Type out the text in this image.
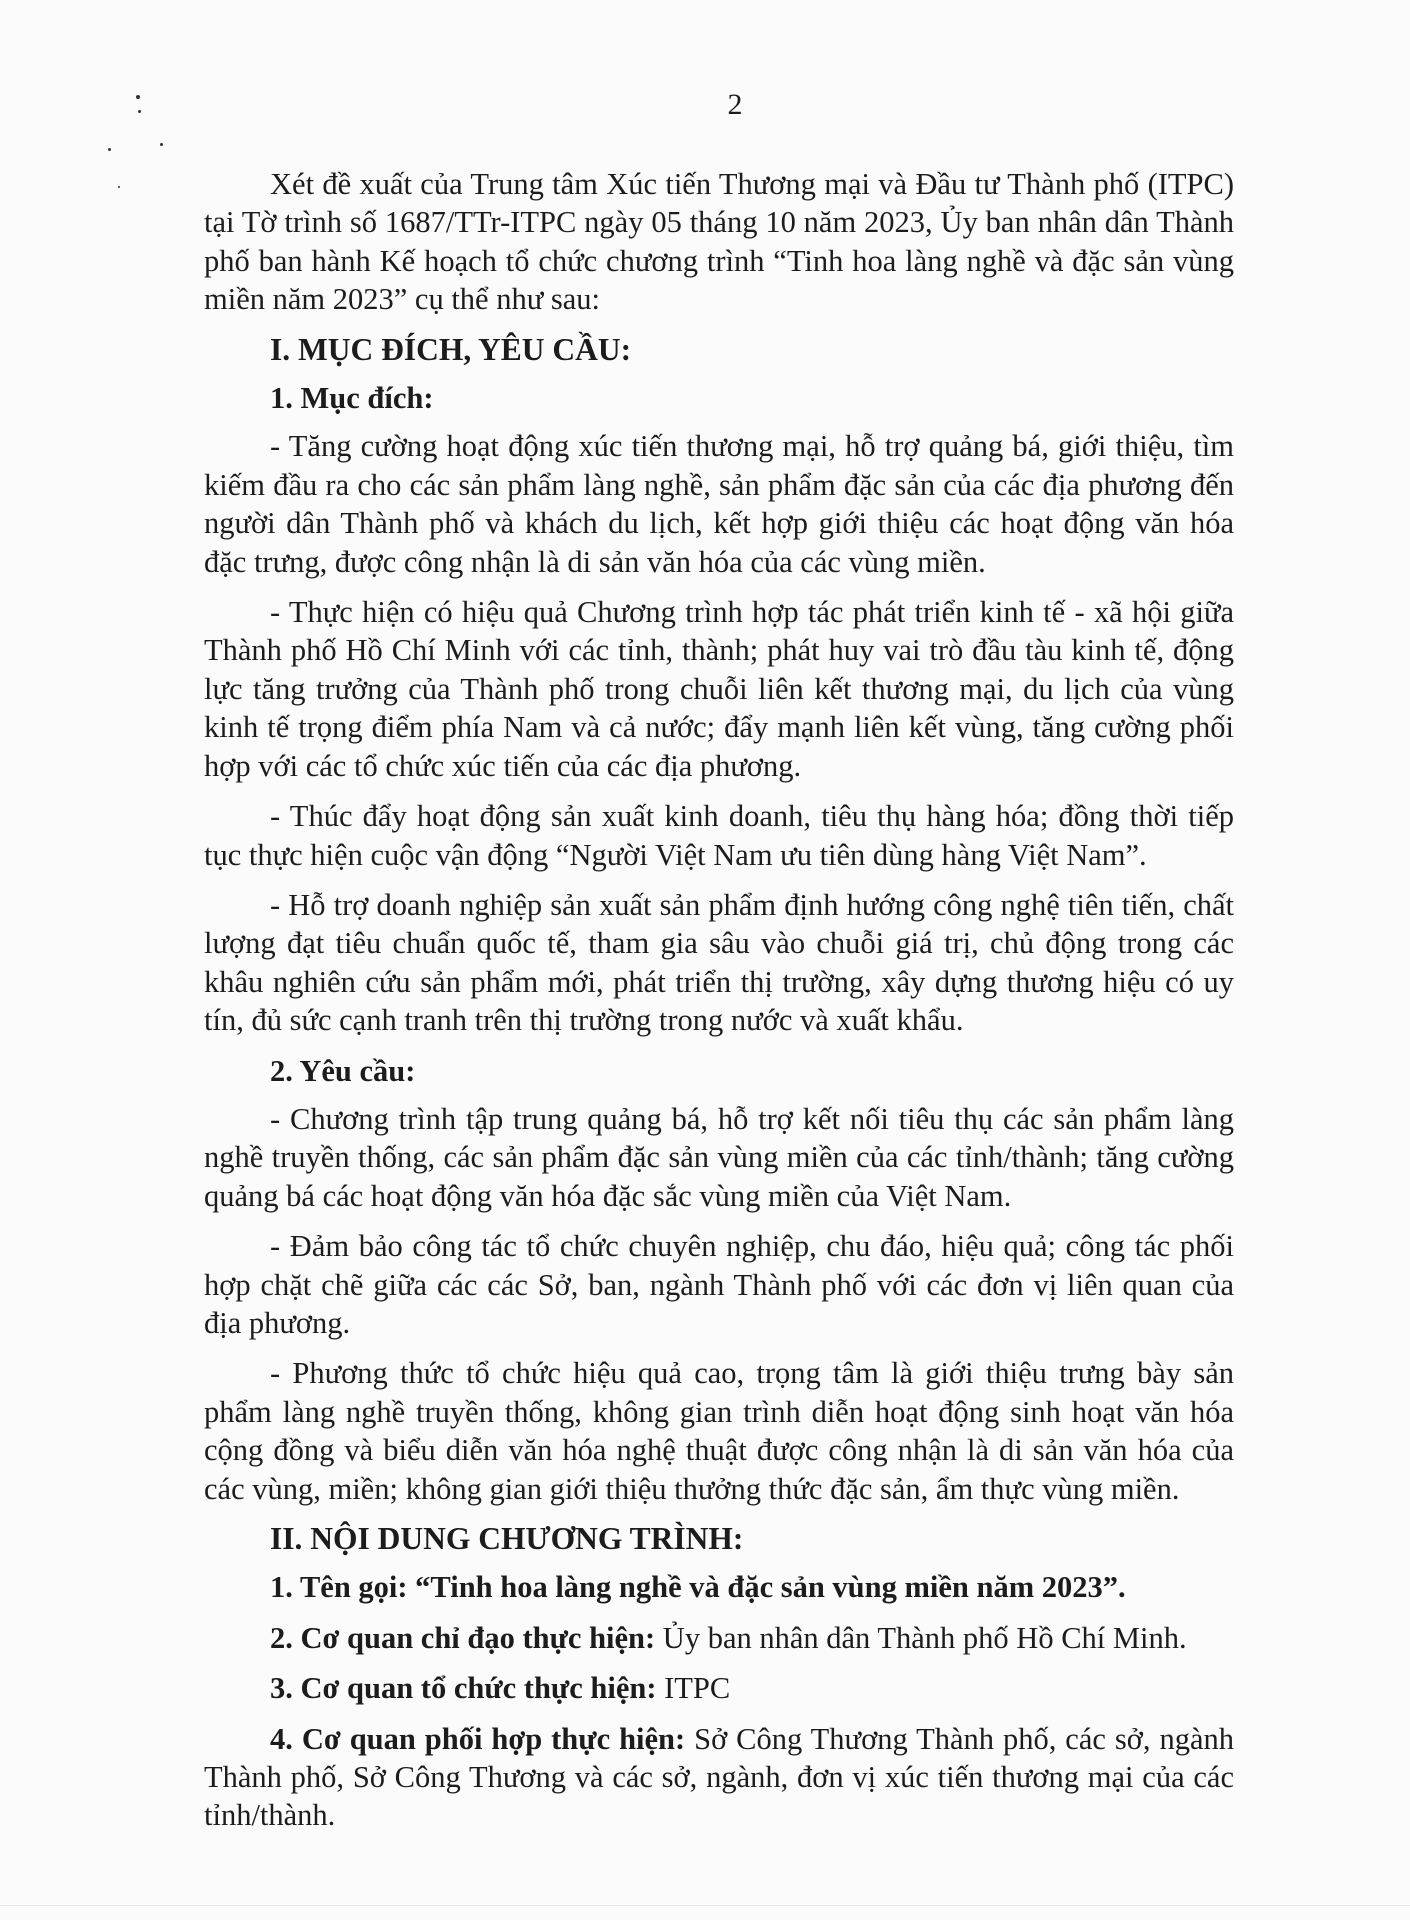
2

Xét đề xuất của Trung tâm Xúc tiến Thương mại và Đầu tư Thành phố (ITPC) tại Tờ trình số 1687/TTr-ITPC ngày 05 tháng 10 năm 2023, Ủy ban nhân dân Thành phố ban hành Kế hoạch tổ chức chương trình “Tinh hoa làng nghề và đặc sản vùng miền năm 2023” cụ thể như sau:

I. MỤC ĐÍCH, YÊU CẦU:

1. Mục đích:

- Tăng cường hoạt động xúc tiến thương mại, hỗ trợ quảng bá, giới thiệu, tìm kiếm đầu ra cho các sản phẩm làng nghề, sản phẩm đặc sản của các địa phương đến người dân Thành phố và khách du lịch, kết hợp giới thiệu các hoạt động văn hóa đặc trưng, được công nhận là di sản văn hóa của các vùng miền.

- Thực hiện có hiệu quả Chương trình hợp tác phát triển kinh tế - xã hội giữa Thành phố Hồ Chí Minh với các tỉnh, thành; phát huy vai trò đầu tàu kinh tế, động lực tăng trưởng của Thành phố trong chuỗi liên kết thương mại, du lịch của vùng kinh tế trọng điểm phía Nam và cả nước; đẩy mạnh liên kết vùng, tăng cường phối hợp với các tổ chức xúc tiến của các địa phương.

- Thúc đẩy hoạt động sản xuất kinh doanh, tiêu thụ hàng hóa; đồng thời tiếp tục thực hiện cuộc vận động “Người Việt Nam ưu tiên dùng hàng Việt Nam”.

- Hỗ trợ doanh nghiệp sản xuất sản phẩm định hướng công nghệ tiên tiến, chất lượng đạt tiêu chuẩn quốc tế, tham gia sâu vào chuỗi giá trị, chủ động trong các khâu nghiên cứu sản phẩm mới, phát triển thị trường, xây dựng thương hiệu có uy tín, đủ sức cạnh tranh trên thị trường trong nước và xuất khẩu.

2. Yêu cầu:

- Chương trình tập trung quảng bá, hỗ trợ kết nối tiêu thụ các sản phẩm làng nghề truyền thống, các sản phẩm đặc sản vùng miền của các tỉnh/thành; tăng cường quảng bá các hoạt động văn hóa đặc sắc vùng miền của Việt Nam.

- Đảm bảo công tác tổ chức chuyên nghiệp, chu đáo, hiệu quả; công tác phối hợp chặt chẽ giữa các các Sở, ban, ngành Thành phố với các đơn vị liên quan của địa phương.

- Phương thức tổ chức hiệu quả cao, trọng tâm là giới thiệu trưng bày sản phẩm làng nghề truyền thống, không gian trình diễn hoạt động sinh hoạt văn hóa cộng đồng và biểu diễn văn hóa nghệ thuật được công nhận là di sản văn hóa của các vùng, miền; không gian giới thiệu thưởng thức đặc sản, ẩm thực vùng miền.

II. NỘI DUNG CHƯƠNG TRÌNH:

1. Tên gọi: “Tinh hoa làng nghề và đặc sản vùng miền năm 2023”.

2. Cơ quan chỉ đạo thực hiện: Ủy ban nhân dân Thành phố Hồ Chí Minh.

3. Cơ quan tổ chức thực hiện: ITPC

4. Cơ quan phối hợp thực hiện: Sở Công Thương Thành phố, các sở, ngành Thành phố, Sở Công Thương và các sở, ngành, đơn vị xúc tiến thương mại của các tỉnh/thành.
